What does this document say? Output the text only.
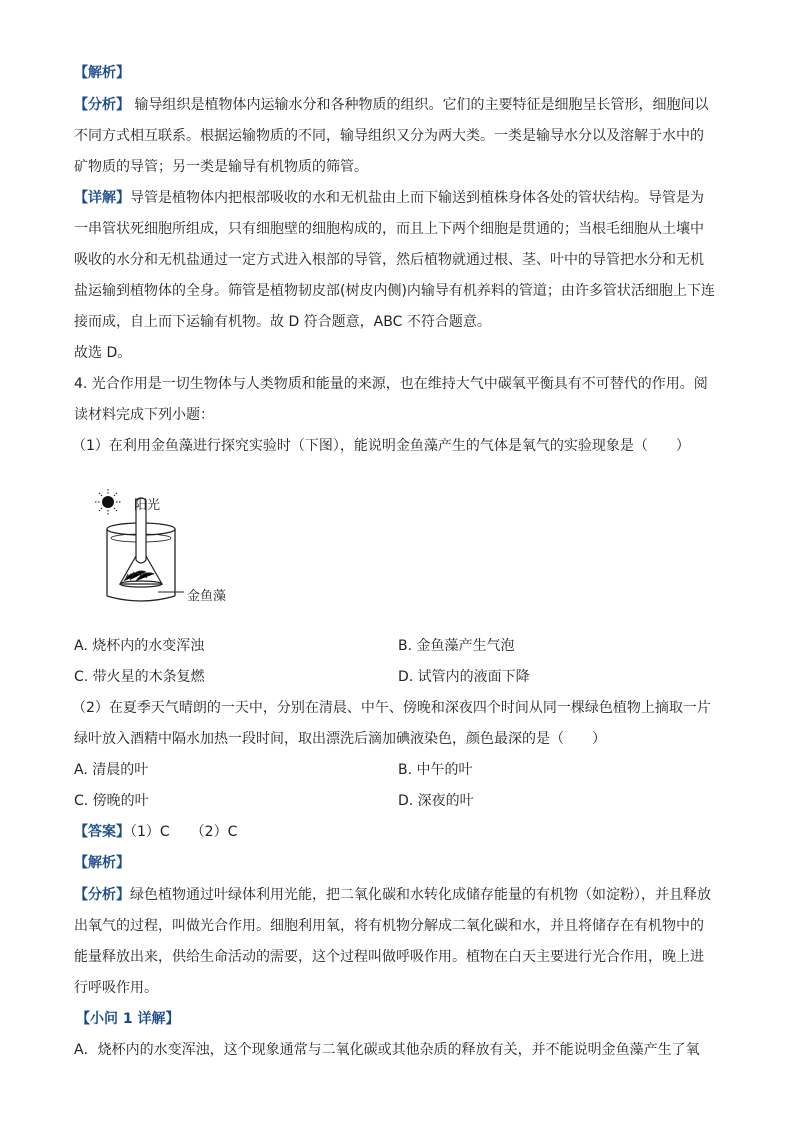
【解析】
【分析】 输导组织是植物体内运输水分和各种物质的组织。它们的主要特征是细胞呈长管形，细胞间以
不同方式相互联系。根据运输物质的不同，输导组织又分为两大类。一类是输导水分以及溶解于水中的
矿物质的导管；另一类是输导有机物质的筛管。
【详解】导管是植物体内把根部吸收的水和无机盐由上而下输送到植株身体各处的管状结构。导管是为
一串管状死细胞所组成，只有细胞壁的细胞构成的，而且上下两个细胞是贯通的；当根毛细胞从土壤中
吸收的水分和无机盐通过一定方式进入根部的导管，然后植物就通过根、茎、叶中的导管把水分和无机
盐运输到植物体的全身。筛管是植物韧皮部(树皮内侧)内输导有机养料的管道；由许多管状活细胞上下连
接而成，自上而下运输有机物。故 D 符合题意，ABC 不符合题意。
故选 D。
4. 光合作用是一切生物体与人类物质和能量的来源，也在维持大气中碳氧平衡具有不可替代的作用。阅
读材料完成下列小题：
（1）在利用金鱼藻进行探究实验时（下图），能说明金鱼藻产生的气体是氧气的实验现象是（　　）
阳光
金鱼藻
A. 烧杯内的水变浑浊	B. 金鱼藻产生气泡
C. 带火星的木条复燃	D. 试管内的液面下降
（2）在夏季天气晴朗的一天中，分别在清晨、中午、傍晚和深夜四个时间从同一棵绿色植物上摘取一片
绿叶放入酒精中隔水加热一段时间，取出漂洗后滴加碘液染色，颜色最深的是（　　）
A. 清晨的叶	B. 中午的叶
C. 傍晚的叶	D. 深夜的叶
【答案】（1）C　　（2）C
【解析】
【分析】绿色植物通过叶绿体利用光能，把二氧化碳和水转化成储存能量的有机物（如淀粉），并且释放
出氧气的过程，叫做光合作用。细胞利用氧，将有机物分解成二氧化碳和水，并且将储存在有机物中的
能量释放出来，供给生命活动的需要，这个过程叫做呼吸作用。植物在白天主要进行光合作用，晚上进
行呼吸作用。
【小问 1 详解】
A．烧杯内的水变浑浊，这个现象通常与二氧化碳或其他杂质的释放有关，并不能说明金鱼藻产生了氧
